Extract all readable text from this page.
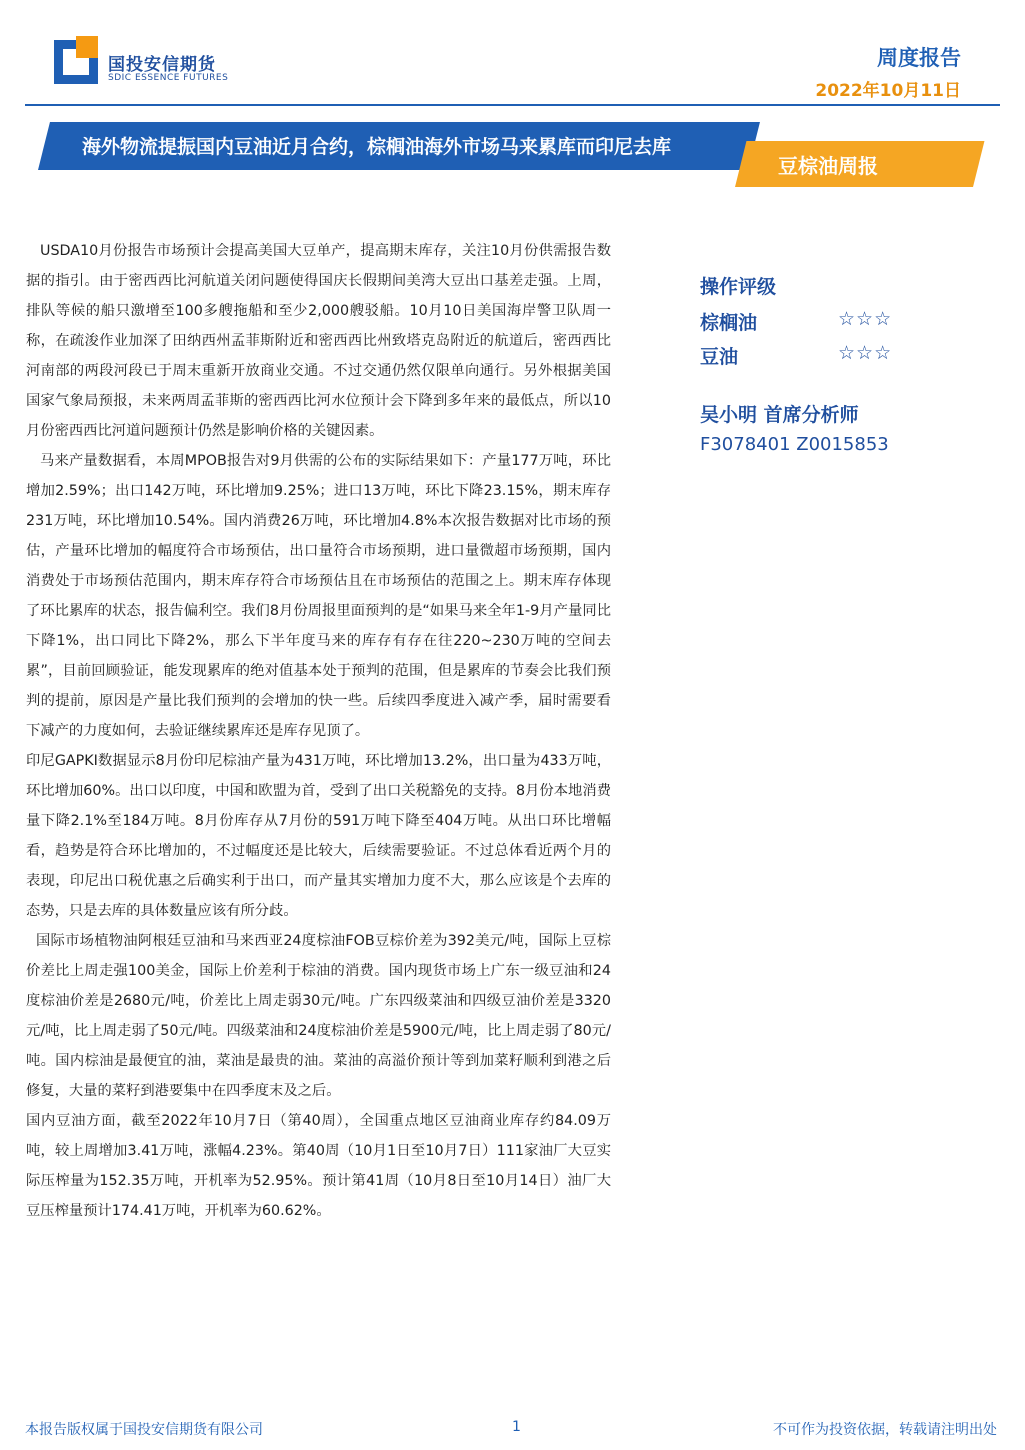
国投安信期货
SDIC ESSENCE FUTURES
周度报告
2022年10月11日
海外物流提振国内豆油近月合约，棕榈油海外市场马来累库而印尼去库
豆棕油周报

USDA10月份报告市场预计会提高美国大豆单产，提高期末库存，关注10月份供需报告数据的指引。由于密西西比河航道关闭问题使得国庆长假期间美湾大豆出口基差走强。上周，排队等候的船只激增至100多艘拖船和至少2,000艘驳船。10月10日美国海岸警卫队周一称，在疏浚作业加深了田纳西州孟菲斯附近和密西西比州致塔克岛附近的航道后，密西西比河南部的两段河段已于周末重新开放商业交通。不过交通仍然仅限单向通行。另外根据美国国家气象局预报，未来两周孟菲斯的密西西比河水位预计会下降到多年来的最低点，所以10月份密西西比河道问题预计仍然是影响价格的关键因素。

马来产量数据看，本周MPOB报告对9月供需的公布的实际结果如下：产量177万吨，环比增加2.59%；出口142万吨，环比增加9.25%；进口13万吨，环比下降23.15%，期末库存231万吨，环比增加10.54%。国内消费26万吨，环比增加4.8%本次报告数据对比市场的预估，产量环比增加的幅度符合市场预估，出口量符合市场预期，进口量微超市场预期，国内消费处于市场预估范围内，期末库存符合市场预估且在市场预估的范围之上。期末库存体现了环比累库的状态，报告偏利空。我们8月份周报里面预判的是“如果马来全年1-9月产量同比下降1%，出口同比下降2%，那么下半年度马来的库存有存在往220~230万吨的空间去累”，目前回顾验证，能发现累库的绝对值基本处于预判的范围，但是累库的节奏会比我们预判的提前，原因是产量比我们预判的会增加的快一些。后续四季度进入减产季，届时需要看下减产的力度如何，去验证继续累库还是库存见顶了。

印尼GAPKI数据显示8月份印尼棕油产量为431万吨，环比增加13.2%，出口量为433万吨，环比增加60%。出口以印度，中国和欧盟为首，受到了出口关税豁免的支持。8月份本地消费量下降2.1%至184万吨。8月份库存从7月份的591万吨下降至404万吨。从出口环比增幅看，趋势是符合环比增加的，不过幅度还是比较大，后续需要验证。不过总体看近两个月的表现，印尼出口税优惠之后确实利于出口，而产量其实增加力度不大，那么应该是个去库的态势，只是去库的具体数量应该有所分歧。

国际市场植物油阿根廷豆油和马来西亚24度棕油FOB豆棕价差为392美元/吨，国际上豆棕价差比上周走强100美金，国际上价差利于棕油的消费。国内现货市场上广东一级豆油和24度棕油价差是2680元/吨，价差比上周走弱30元/吨。广东四级菜油和四级豆油价差是3320元/吨，比上周走弱了50元/吨。四级菜油和24度棕油价差是5900元/吨，比上周走弱了80元/吨。国内棕油是最便宜的油，菜油是最贵的油。菜油的高溢价预计等到加菜籽顺利到港之后修复，大量的菜籽到港要集中在四季度末及之后。

国内豆油方面，截至2022年10月7日（第40周），全国重点地区豆油商业库存约84.09万吨，较上周增加3.41万吨，涨幅4.23%。第40周（10月1日至10月7日）111家油厂大豆实际压榨量为152.35万吨，开机率为52.95%。预计第41周（10月8日至10月14日）油厂大豆压榨量预计174.41万吨，开机率为60.62%。

操作评级
棕榈油	☆☆☆
豆油	☆☆☆
吴小明 首席分析师
F3078401 Z0015853
本报告版权属于国投安信期货有限公司	1	不可作为投资依据，转载请注明出处
